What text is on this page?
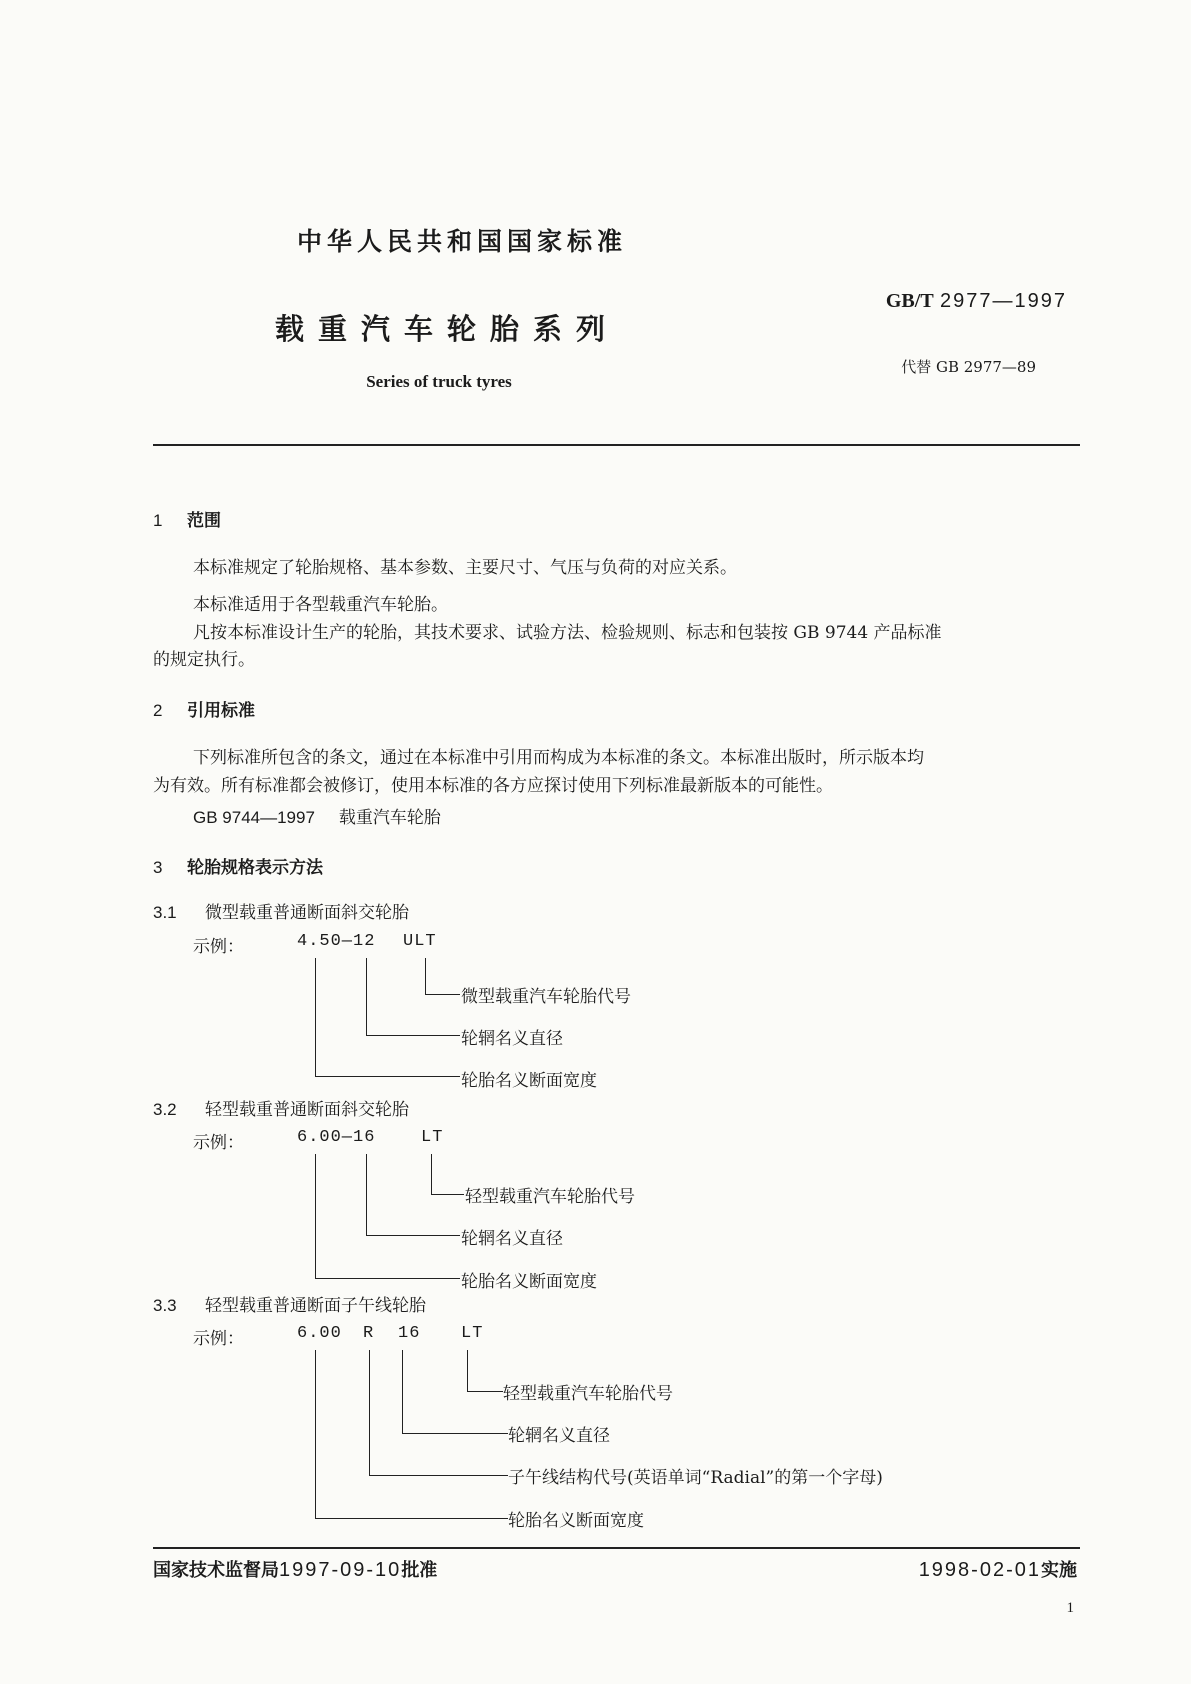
中华人民共和国国家标准
载重汽车轮胎系列
Series of truck tyres
GB/T 2977—1997
代替 GB 2977—89
1 范围
本标准规定了轮胎规格、基本参数、主要尺寸、气压与负荷的对应关系。
本标准适用于各型载重汽车轮胎。
凡按本标准设计生产的轮胎，其技术要求、试验方法、检验规则、标志和包装按 GB 9744 产品标准
的规定执行。
2 引用标准
下列标准所包含的条文，通过在本标准中引用而构成为本标准的条文。本标准出版时，所示版本均
为有效。所有标准都会被修订，使用本标准的各方应探讨使用下列标准最新版本的可能性。
GB 9744—1997 载重汽车轮胎
3 轮胎规格表示方法
3.1 微型载重普通断面斜交轮胎
示例：	4.50—12 ULT
微型载重汽车轮胎代号
轮辋名义直径
轮胎名义断面宽度
3.2 轻型载重普通断面斜交轮胎
示例：	6.00—16	LT
轻型载重汽车轮胎代号
轮辋名义直径
轮胎名义断面宽度
3.3 轻型载重普通断面子午线轮胎
示例：	6.00 R 16 LT
轻型载重汽车轮胎代号
轮辋名义直径
子午线结构代号(英语单词“Radial”的第一个字母)
轮胎名义断面宽度
国家技术监督局1997-09-10批准	1998-02-01实施
1
